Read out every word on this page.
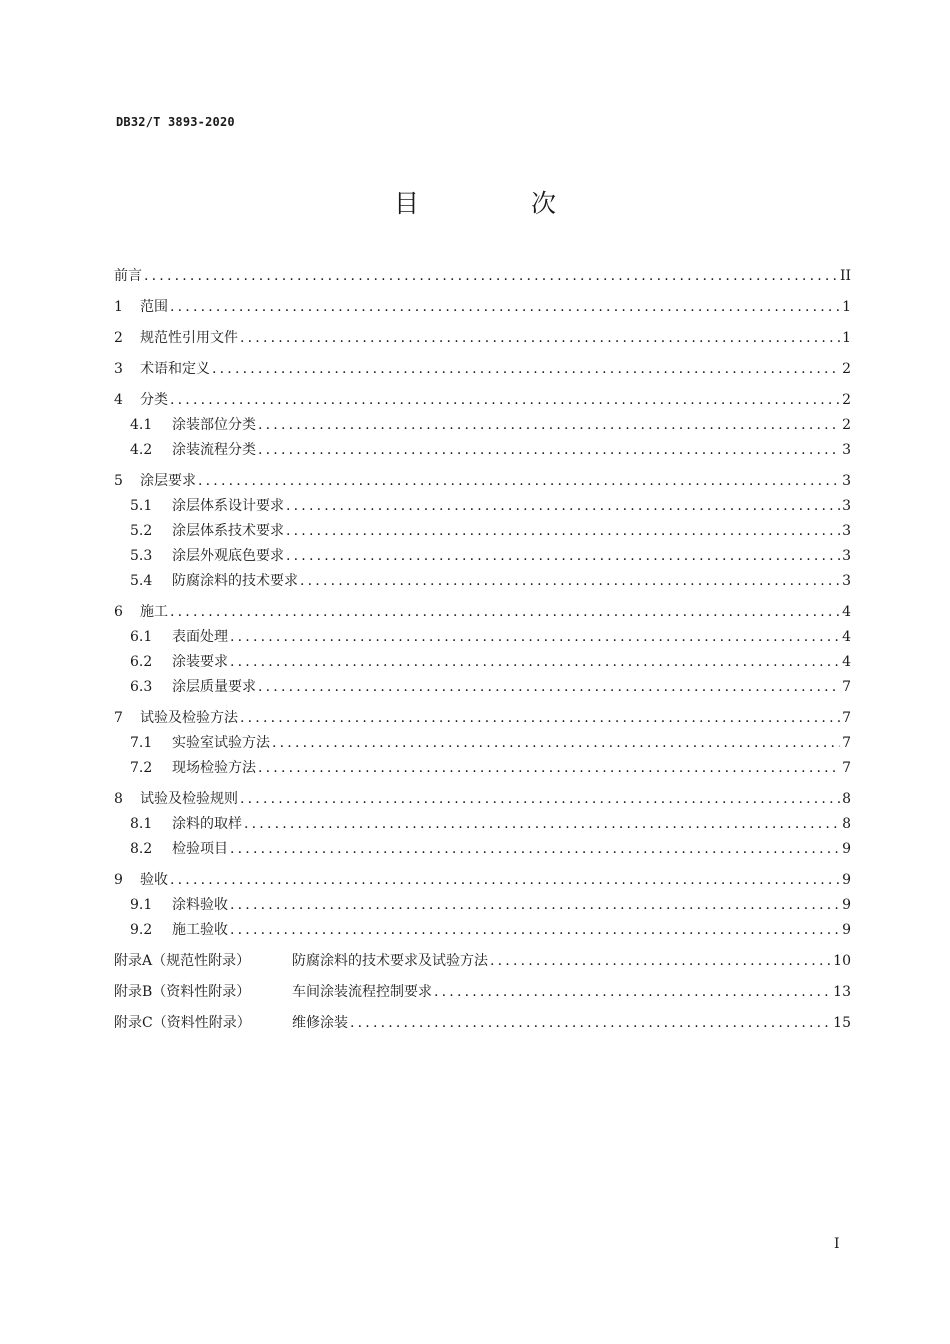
DB32/T 3893-2020
目 次
前言 .....	II
1	范围 .....	1
2	规范性引用文件 .....	1
3	术语和定义 .....	2
4	分类 .....	2
4.1	涂装部位分类 .....	2
4.2	涂装流程分类 .....	3
5	涂层要求 .....	3
5.1	涂层体系设计要求 .....	3
5.2	涂层体系技术要求 .....	3
5.3	涂层外观底色要求 .....	3
5.4	防腐涂料的技术要求 .....	3
6	施工 .....	4
6.1	表面处理 .....	4
6.2	涂装要求 .....	4
6.3	涂层质量要求 .....	7
7	试验及检验方法 .....	7
7.1	实验室试验方法 .....	7
7.2	现场检验方法 .....	7
8	试验及检验规则 .....	8
8.1	涂料的取样 .....	8
8.2	检验项目 .....	9
9	验收 .....	9
9.1	涂料验收 .....	9
9.2	施工验收 .....	9
附录A（规范性附录）	防腐涂料的技术要求及试验方法 .....	10
附录B（资料性附录）	车间涂装流程控制要求 .....	13
附录C（资料性附录）	维修涂装 .....	15
I
